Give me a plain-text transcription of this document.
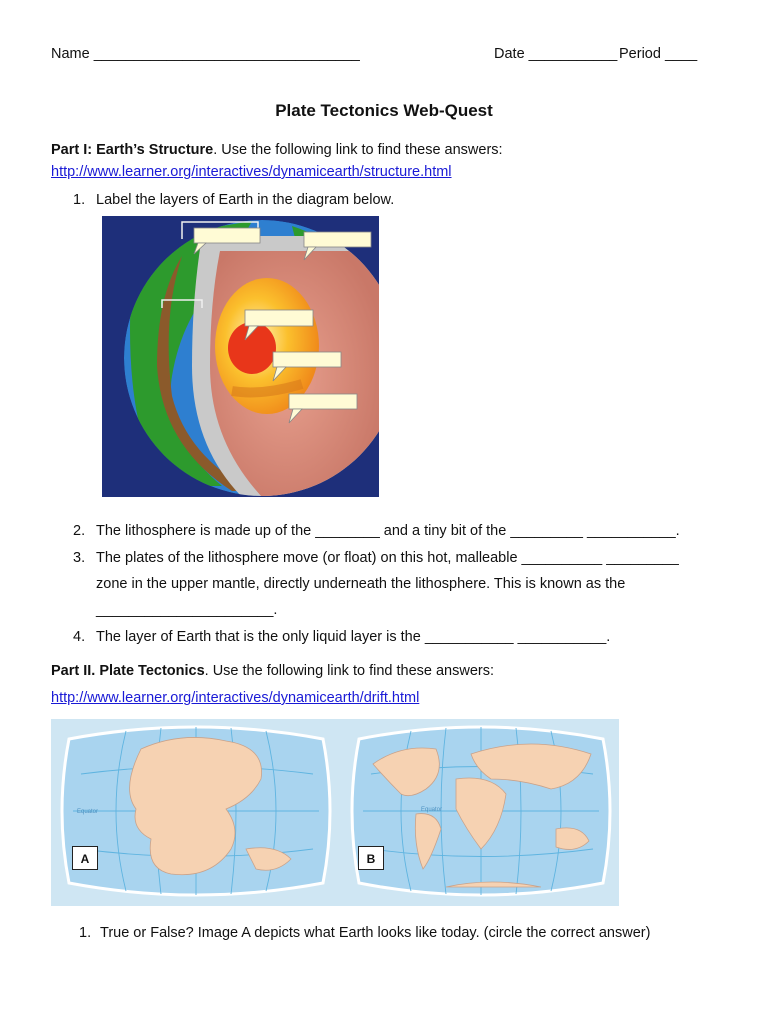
Name _________________________________	Date ___________ Period ____
Plate Tectonics Web-Quest
Part I: Earth’s Structure. Use the following link to find these answers:
http://www.learner.org/interactives/dynamicearth/structure.html
1. Label the layers of Earth in the diagram below.
2. The lithosphere is made up of the ________ and a tiny bit of the _________ ___________.
3. The plates of the lithosphere move (or float) on this hot, malleable __________ _________
zone in the upper mantle, directly underneath the lithosphere. This is known as the
______________________.
4. The layer of Earth that is the only liquid layer is the ___________ ___________.
Part II. Plate Tectonics. Use the following link to find these answers:
http://www.learner.org/interactives/dynamicearth/drift.html
Equator	Equator
A	B
1. True or False? Image A depicts what Earth looks like today. (circle the correct answer)
